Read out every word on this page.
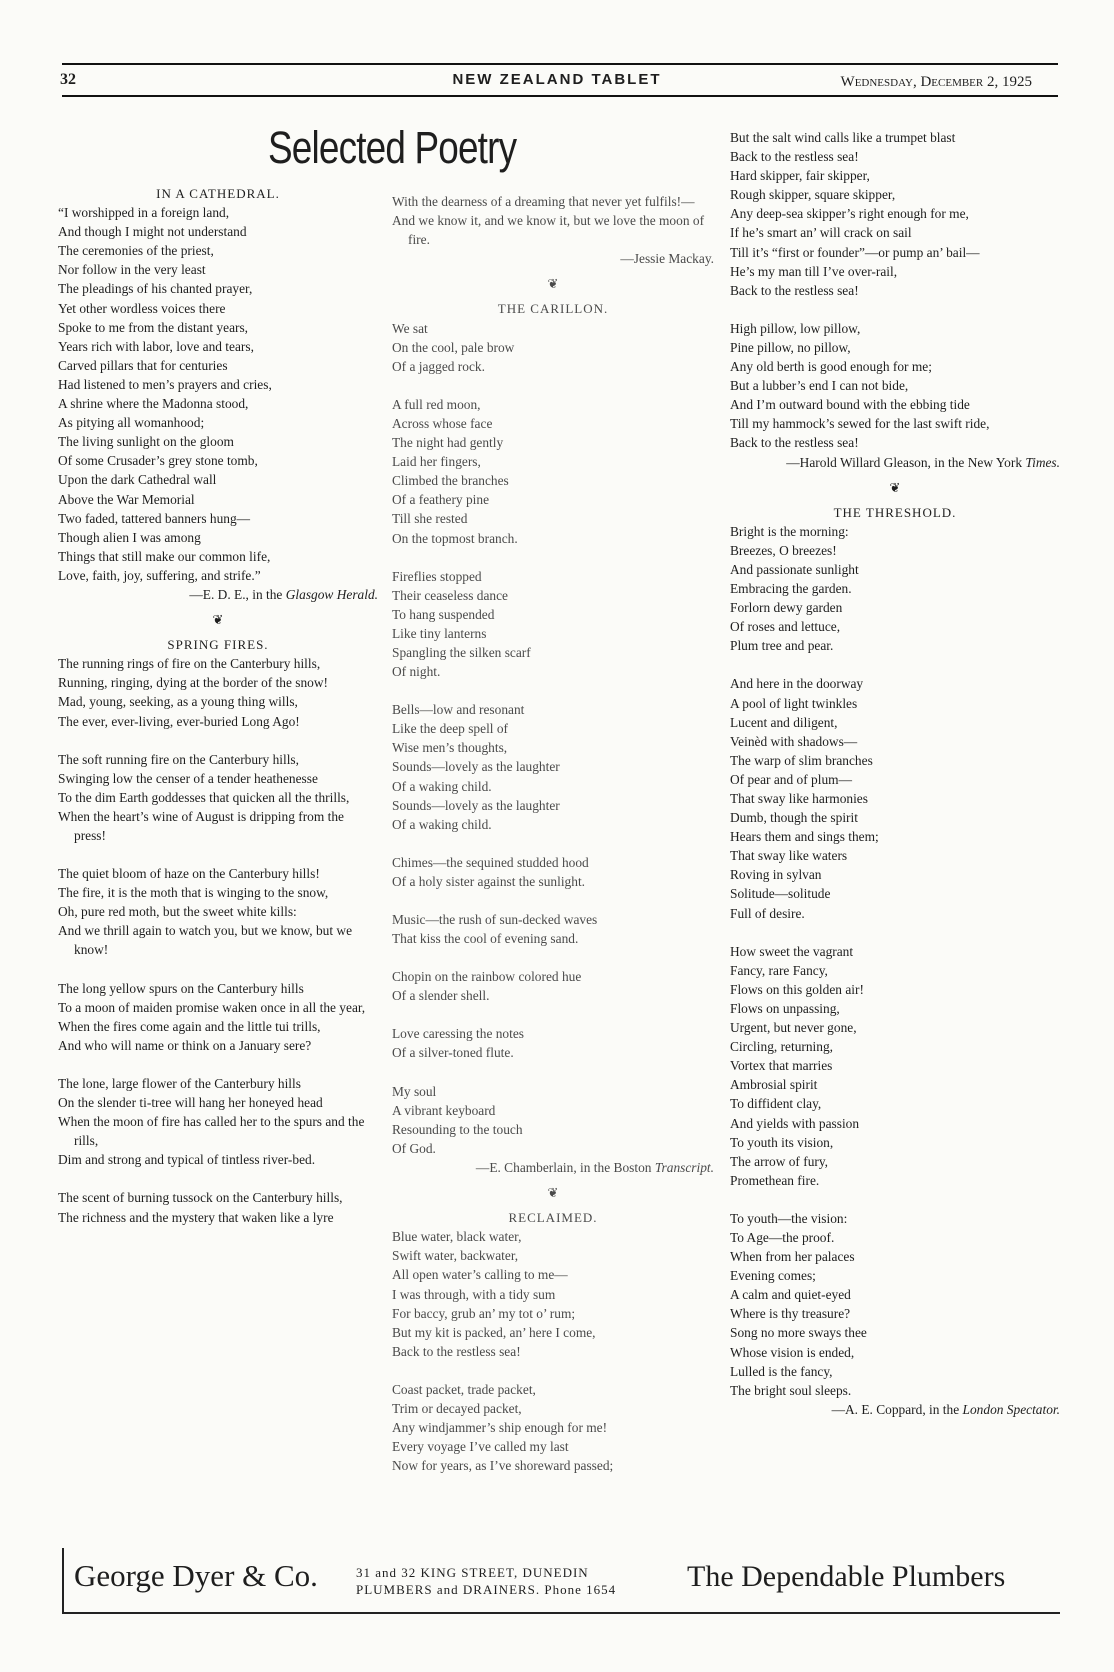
32	NEW ZEALAND TABLET	Wednesday, December 2, 1925
Selected Poetry
IN A CATHEDRAL.
“I worshipped in a foreign land,
And though I might not understand
The ceremonies of the priest,
Nor follow in the very least
The pleadings of his chanted prayer,
Yet other wordless voices there
Spoke to me from the distant years,
Years rich with labor, love and tears,
Carved pillars that for centuries
Had listened to men’s prayers and cries,
A shrine where the Madonna stood,
As pitying all womanhood;
The living sunlight on the gloom
Of some Crusader’s grey stone tomb,
Upon the dark Cathedral wall
Above the War Memorial
Two faded, tattered banners hung—
Though alien I was among
Things that still make our common life,
Love, faith, joy, suffering, and strife.”
—E. D. E., in the Glasgow Herald.
❦
SPRING FIRES.
The running rings of fire on the Canterbury hills,
Running, ringing, dying at the border of the snow!
Mad, young, seeking, as a young thing wills,
The ever, ever-living, ever-buried Long Ago!
The soft running fire on the Canterbury hills,
Swinging low the censer of a tender heathenesse
To the dim Earth goddesses that quicken all the thrills,
When the heart’s wine of August is dripping from the press!
The quiet bloom of haze on the Canterbury hills!
The fire, it is the moth that is winging to the snow,
Oh, pure red moth, but the sweet white kills:
And we thrill again to watch you, but we know, but we know!
The long yellow spurs on the Canterbury hills
To a moon of maiden promise waken once in all the year,
When the fires come again and the little tui trills,
And who will name or think on a January sere?
The lone, large flower of the Canterbury hills
On the slender ti-tree will hang her honeyed head
When the moon of fire has called her to the spurs and the rills,
Dim and strong and typical of tintless river-bed.
The scent of burning tussock on the Canterbury hills,
The richness and the mystery that waken like a lyre
With the dearness of a dreaming that never yet fulfils!—
And we know it, and we know it, but we love the moon of fire.
—Jessie Mackay.
❦
THE CARILLON.
We sat
On the cool, pale brow
Of a jagged rock.
A full red moon,
Across whose face
The night had gently
Laid her fingers,
Climbed the branches
Of a feathery pine
Till she rested
On the topmost branch.
Fireflies stopped
Their ceaseless dance
To hang suspended
Like tiny lanterns
Spangling the silken scarf
Of night.
Bells—low and resonant
Like the deep spell of
Wise men’s thoughts,
Sounds—lovely as the laughter
Of a waking child.
Sounds—lovely as the laughter
Of a waking child.
Chimes—the sequined studded hood
Of a holy sister against the sunlight.
Music—the rush of sun-decked waves
That kiss the cool of evening sand.
Chopin on the rainbow colored hue
Of a slender shell.
Love caressing the notes
Of a silver-toned flute.
My soul
A vibrant keyboard
Resounding to the touch
Of God.
—E. Chamberlain, in the Boston Transcript.
❦
RECLAIMED.
Blue water, black water,
Swift water, backwater,
All open water’s calling to me—
I was through, with a tidy sum
For baccy, grub an’ my tot o’ rum;
But my kit is packed, an’ here I come,
Back to the restless sea!
Coast packet, trade packet,
Trim or decayed packet,
Any windjammer’s ship enough for me!
Every voyage I’ve called my last
Now for years, as I’ve shoreward passed;
But the salt wind calls like a trumpet blast
Back to the restless sea!
Hard skipper, fair skipper,
Rough skipper, square skipper,
Any deep-sea skipper’s right enough for me,
If he’s smart an’ will crack on sail
Till it’s “first or founder”—or pump an’ bail—
He’s my man till I’ve over-rail,
Back to the restless sea!
High pillow, low pillow,
Pine pillow, no pillow,
Any old berth is good enough for me;
But a lubber’s end I can not bide,
And I’m outward bound with the ebbing tide
Till my hammock’s sewed for the last swift ride,
Back to the restless sea!
—Harold Willard Gleason, in the New York Times.
❦
THE THRESHOLD.
Bright is the morning:
Breezes, O breezes!
And passionate sunlight
Embracing the garden.
Forlorn dewy garden
Of roses and lettuce,
Plum tree and pear.
And here in the doorway
A pool of light twinkles
Lucent and diligent,
Veinèd with shadows—
The warp of slim branches
Of pear and of plum—
That sway like harmonies
Dumb, though the spirit
Hears them and sings them;
That sway like waters
Roving in sylvan
Solitude—solitude
Full of desire.
How sweet the vagrant
Fancy, rare Fancy,
Flows on this golden air!
Flows on unpassing,
Urgent, but never gone,
Circling, returning,
Vortex that marries
Ambrosial spirit
To diffident clay,
And yields with passion
To youth its vision,
The arrow of fury,
Promethean fire.
To youth—the vision:
To Age—the proof.
When from her palaces
Evening comes;
A calm and quiet-eyed
Where is thy treasure?
Song no more sways thee
Whose vision is ended,
Lulled is the fancy,
The bright soul sleeps.
—A. E. Coppard, in the London Spectator.
George Dyer & Co.	31 and 32 KING STREET, DUNEDIN
PLUMBERS and DRAINERS. Phone 1654 The Dependable Plumbers
